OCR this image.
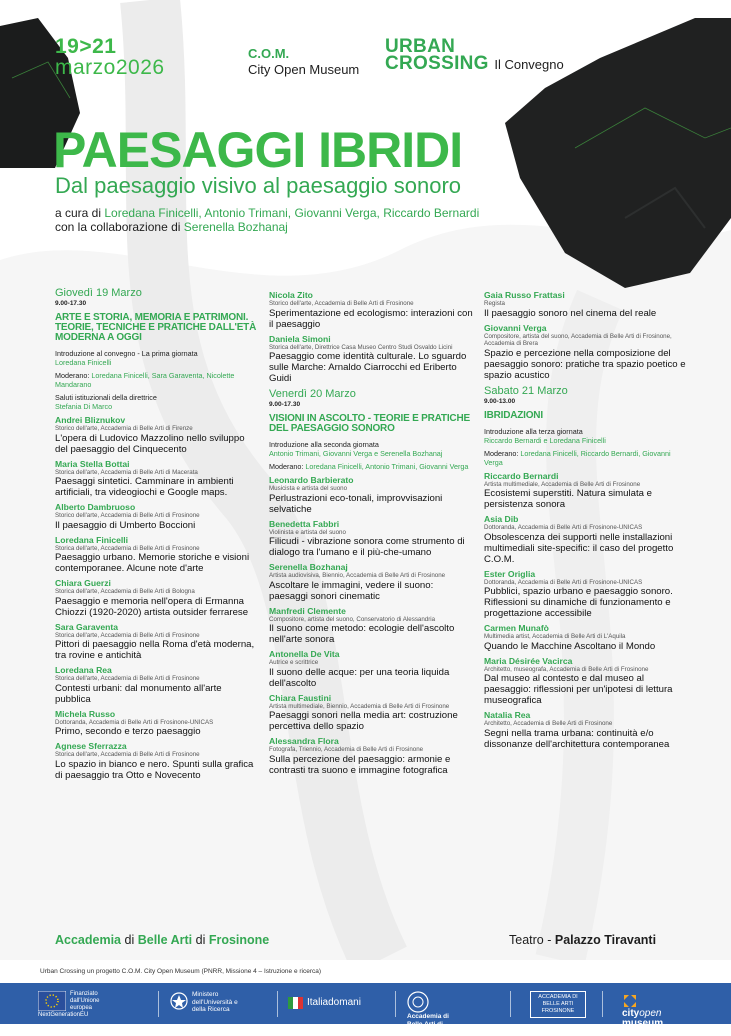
19>21
marzo2026
C.O.M.
City Open Museum
URBAN
CROSSING Il Convegno
PAESAGGI IBRIDI
Dal paesaggio visivo al paesaggio sonoro
a cura di Loredana Finicelli, Antonio Trimani, Giovanni Verga, Riccardo Bernardi
con la collaborazione di Serenella Bozhanaj
Giovedì 19 Marzo
9.00-17.30
ARTE E STORIA, MEMORIA E PATRIMONI. TEORIE, TECNICHE E PRATICHE DALL'ETÀ MODERNA A OGGI
Introduzione al convegno - La prima giornata
Loredana Finicelli
Moderano: Loredana Finicelli, Sara Garaventa, Nicolette Mandarano
Saluti istituzionali della direttrice
Stefania Di Marco
Andrei Bliznukov
Storico dell'arte, Accademia di Belle Arti di Firenze
L'opera di Ludovico Mazzolino nello sviluppo del paesaggio del Cinquecento
Maria Stella Bottai
Storica dell'arte, Accademia di Belle Arti di Macerata
Paesaggi sintetici. Camminare in ambienti artificiali, tra videogiochi e Google maps.
Alberto Dambruoso
Storico dell'arte, Accademia di Belle Arti di Frosinone
Il paesaggio di Umberto Boccioni
Loredana Finicelli
Storica dell'arte, Accademia di Belle Arti di Frosinone
Paesaggio urbano. Memorie storiche e visioni contemporanee. Alcune note d'arte
Chiara Guerzi
Storica dell'arte, Accademia di Belle Arti di Bologna
Paesaggio e memoria nell'opera di Ermanna Chiozzi (1920-2020) artista outsider ferrarese
Sara Garaventa
Storica dell'arte, Accademia di Belle Arti di Frosinone
Pittori di paesaggio nella Roma d'età moderna, tra rovine e antichità
Loredana Rea
Storica dell'arte, Accademia di Belle Arti di Frosinone
Contesti urbani: dal monumento all'arte pubblica
Michela Russo
Dottoranda, Accademia di Belle Arti di Frosinone-UNICAS
Primo, secondo e terzo paesaggio
Agnese Sferrazza
Storica dell'arte, Accademia di Belle Arti di Frosinone
Lo spazio in bianco e nero. Spunti sulla grafica di paesaggio tra Otto e Novecento
Nicola Zito
Storico dell'arte, Accademia di Belle Arti di Frosinone
Sperimentazione ed ecologismo: interazioni con il paesaggio
Daniela Simoni
Storica dell'arte, Direttrice Casa Museo Centro Studi Osvaldo Licini
Paesaggio come identità culturale. Lo sguardo sulle Marche: Arnaldo Ciarrocchi ed Eriberto Guidi
Venerdì 20 Marzo
9.00-17.30
VISIONI IN ASCOLTO - TEORIE E PRATICHE DEL PAESAGGIO SONORO
Introduzione alla seconda giornata
Antonio Trimani, Giovanni Verga e Serenella Bozhanaj
Moderano: Loredana Finicelli, Antonio Trimani, Giovanni Verga
Leonardo Barbierato
Musicista e artista del suono
Perlustrazioni eco-tonali, improvvisazioni selvatiche
Benedetta Fabbri
Violinista e artista del suono
Filicudi - vibrazione sonora come strumento di dialogo tra l'umano e il più-che-umano
Serenella Bozhanaj
Artista audiovisiva, Biennio, Accademia di Belle Arti di Frosinone
Ascoltare le immagini, vedere il suono: paesaggi sonori cinematic
Manfredi Clemente
Compositore, artista del suono, Conservatorio di Alessandria
Il suono come metodo: ecologie dell'ascolto nell'arte sonora
Antonella De Vita
Autrice e scrittrice
Il suono delle acque: per una teoria liquida dell'ascolto
Chiara Faustini
Artista multimediale, Biennio, Accademia di Belle Arti di Frosinone
Paesaggi sonori nella media art: costruzione percettiva dello spazio
Alessandra Flora
Fotografa, Triennio, Accademia di Belle Arti di Frosinone
Sulla percezione del paesaggio: armonie e contrasti tra suono e immagine fotografica
Gaia Russo Frattasi
Regista
Il paesaggio sonoro nel cinema del reale
Giovanni Verga
Compositore, artista del suono, Accademia di Belle Arti di Frosinone, Accademia di Brera
Spazio e percezione nella composizione del paesaggio sonoro: pratiche tra spazio poetico e spazio acustico
Sabato 21 Marzo
9.00-13.00
IBRIDAZIONI
Introduzione alla terza giornata
Riccardo Bernardi e Loredana Finicelli
Moderano: Loredana Finicelli, Riccardo Bernardi, Giovanni Verga
Riccardo Bernardi
Artista multimediale, Accademia di Belle Arti di Frosinone
Ecosistemi superstiti. Natura simulata e persistenza sonora
Asia Dib
Dottoranda, Accademia di Belle Arti di Frosinone-UNICAS
Obsolescenza dei supporti nelle installazioni multimediali site-specific: il caso del progetto C.O.M.
Ester Origlia
Dottoranda, Accademia di Belle Arti di Frosinone-UNICAS
Pubblici, spazio urbano e paesaggio sonoro. Riflessioni su dinamiche di funzionamento e progettazione accessibile
Carmen Munafò
Multimedia artist, Accademia di Belle Arti di L'Aquila
Quando le Macchine Ascoltano il Mondo
Maria Désirée Vacirca
Architetto, museografa, Accademia di Belle Arti di Frosinone
Dal museo al contesto e dal museo al paesaggio: riflessioni per un'ipotesi di lettura museografica
Natalia Rea
Architetto, Accademia di Belle Arti di Frosinone
Segni nella trama urbana: continuità e/o dissonanze dell'architettura contemporanea
Accademia di Belle Arti di Frosinone	Teatro - Palazzo Tiravanti
Urban Crossing un progetto C.O.M. City Open Museum (PNRR, Missione 4 – Istruzione e ricerca)
Finanziato dall'Unione europea NextGenerationEU
Ministero dell'Università e della Ricerca
Italiadomani
Accademia di Belle Arti di Carrara
ACCADEMIA DI BELLE ARTI FROSINONE	cityopen
museum
